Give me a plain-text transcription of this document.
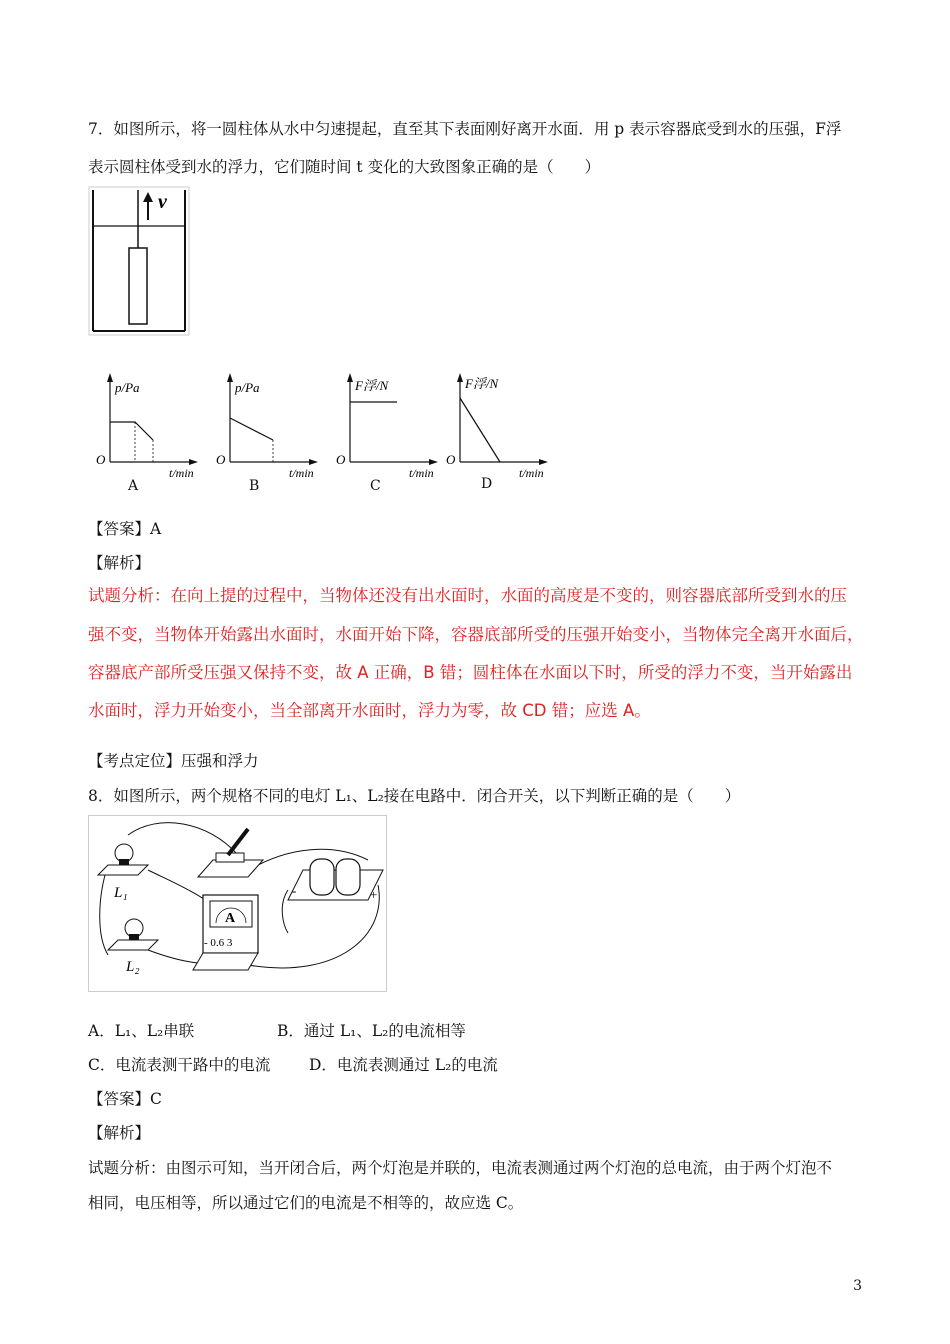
7．如图所示，将一圆柱体从水中匀速提起，直至其下表面刚好离开水面．用 p 表示容器底受到水的压强，F浮
表示圆柱体受到水的浮力，它们随时间 t 变化的大致图象正确的是（　　）
v
p/Pa
O
t/min
A
p/Pa
O
t/min
B
F浮/N
O
t/min
C
F浮/N
O
t/min
D
【答案】A
【解析】
试题分析：在向上提的过程中，当物体还没有出水面时，水面的高度是不变的，则容器底部所受到水的压
强不变，当物体开始露出水面时，水面开始下降，容器底部所受的压强开始变小，当物体完全离开水面后，
容器底产部所受压强又保持不变，故 A 正确，B 错；圆柱体在水面以下时，所受的浮力不变，当开始露出
水面时，浮力开始变小，当全部离开水面时，浮力为零，故 CD 错；应选 A。
【考点定位】压强和浮力
8．如图所示，两个规格不同的电灯 L₁、L₂接在电路中．闭合开关，以下判断正确的是（　　）
L₁
L₂
-	+
A
- 0.6 3
A．L₁、L₂串联	B．通过 L₁、L₂的电流相等
C．电流表测干路中的电流 D．电流表测通过 L₂的电流
【答案】C
【解析】
试题分析：由图示可知，当开闭合后，两个灯泡是并联的，电流表测通过两个灯泡的总电流，由于两个灯泡不
相同，电压相等，所以通过它们的电流是不相等的，故应选 C。
3
